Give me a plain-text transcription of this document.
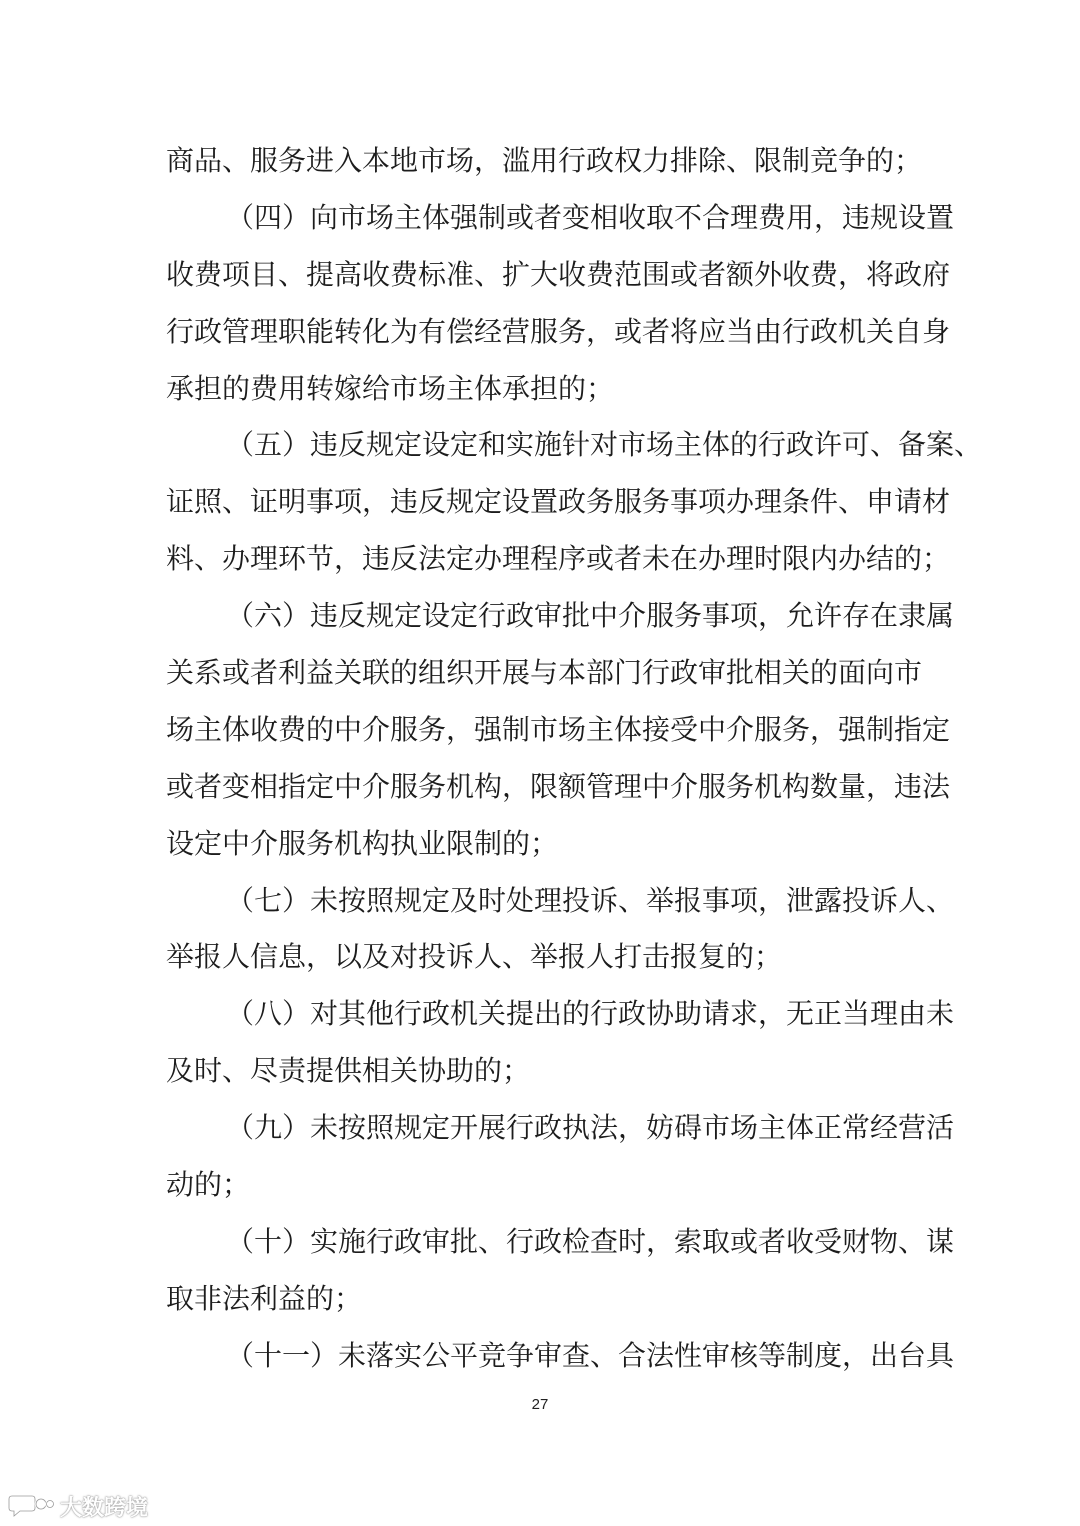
商品、服务进入本地市场，滥用行政权力排除、限制竞争的；
（四）向市场主体强制或者变相收取不合理费用，违规设置
收费项目、提高收费标准、扩大收费范围或者额外收费，将政府
行政管理职能转化为有偿经营服务，或者将应当由行政机关自身
承担的费用转嫁给市场主体承担的；
（五）违反规定设定和实施针对市场主体的行政许可、备案、
证照、证明事项，违反规定设置政务服务事项办理条件、申请材
料、办理环节，违反法定办理程序或者未在办理时限内办结的；
（六）违反规定设定行政审批中介服务事项，允许存在隶属
关系或者利益关联的组织开展与本部门行政审批相关的面向市
场主体收费的中介服务，强制市场主体接受中介服务，强制指定
或者变相指定中介服务机构，限额管理中介服务机构数量，违法
设定中介服务机构执业限制的；
（七）未按照规定及时处理投诉、举报事项，泄露投诉人、
举报人信息，以及对投诉人、举报人打击报复的；
（八）对其他行政机关提出的行政协助请求，无正当理由未
及时、尽责提供相关协助的；
（九）未按照规定开展行政执法，妨碍市场主体正常经营活
动的；
（十）实施行政审批、行政检查时，索取或者收受财物、谋
取非法利益的；
（十一）未落实公平竞争审查、合法性审核等制度，出台具
27
大数跨境
